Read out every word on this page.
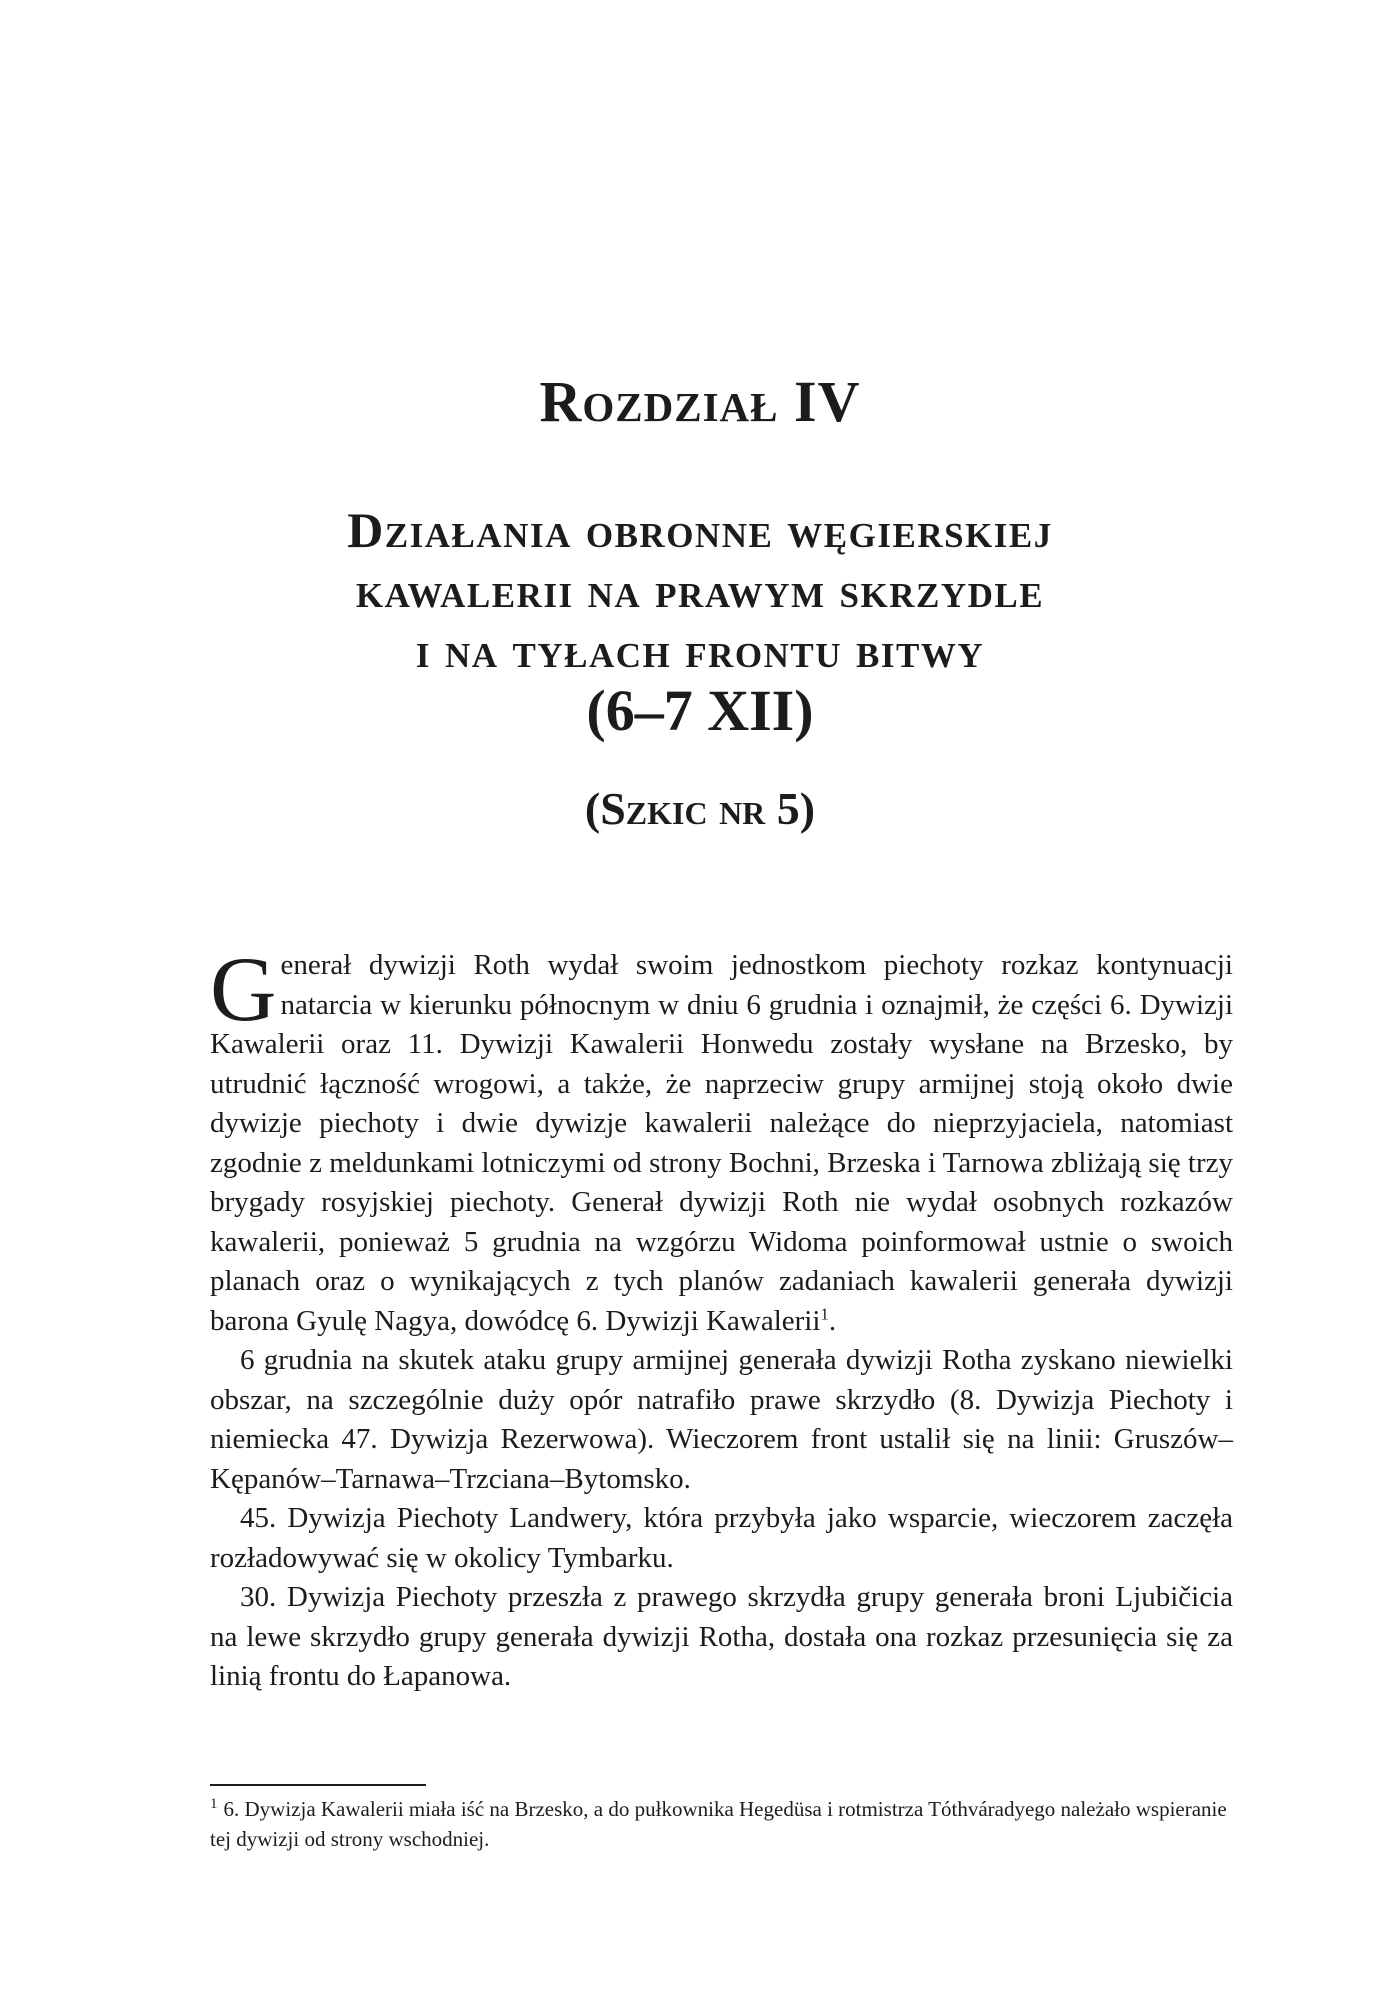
Rozdział IV
Działania obronne węgierskiej
kawalerii na prawym skrzydle
i na tyłach frontu bitwy
(6–7 XII)
(Szkic nr 5)

Generał dywizji Roth wydał swoim jednostkom piechoty rozkaz kontynuacji natarcia w kierunku północnym w dniu 6 grudnia i oznajmił, że części 6. Dywizji Kawalerii oraz 11. Dywizji Kawalerii Honwedu zostały wysłane na Brzesko, by utrudnić łączność wrogowi, a także, że naprzeciw grupy armijnej stoją około dwie dywizje piechoty i dwie dywizje kawalerii należące do nieprzyjaciela, natomiast zgodnie z meldunkami lotniczymi od strony Bochni, Brzeska i Tarnowa zbliżają się trzy brygady rosyjskiej piechoty. Generał dywizji Roth nie wydał osobnych rozkazów kawalerii, ponieważ 5 grudnia na wzgórzu Widoma poinformował ustnie o swoich planach oraz o wynikających z tych planów zadaniach kawalerii generała dywizji barona Gyulę Nagya, dowódcę 6. Dywizji Kawalerii$^1$.

6 grudnia na skutek ataku grupy armijnej generała dywizji Rotha zyskano niewielki obszar, na szczególnie duży opór natrafiło prawe skrzydło (8. Dywizja Piechoty i niemiecka 47. Dywizja Rezerwowa). Wieczorem front ustalił się na linii: Gruszów–Kępanów–Tarnawa–Trzciana–Bytomsko.

45. Dywizja Piechoty Landwery, która przybyła jako wsparcie, wieczorem zaczęła rozładowywać się w okolicy Tymbarku.

30. Dywizja Piechoty przeszła z prawego skrzydła grupy generała broni Ljubičicia na lewe skrzydło grupy generała dywizji Rotha, dostała ona rozkaz przesunięcia się za linią frontu do Łapanowa.

$^1$ 6. Dywizja Kawalerii miała iść na Brzesko, a do pułkownika Hegedüsa i rotmistrza Tóthváradyego należało wspieranie tej dywizji od strony wschodniej.
